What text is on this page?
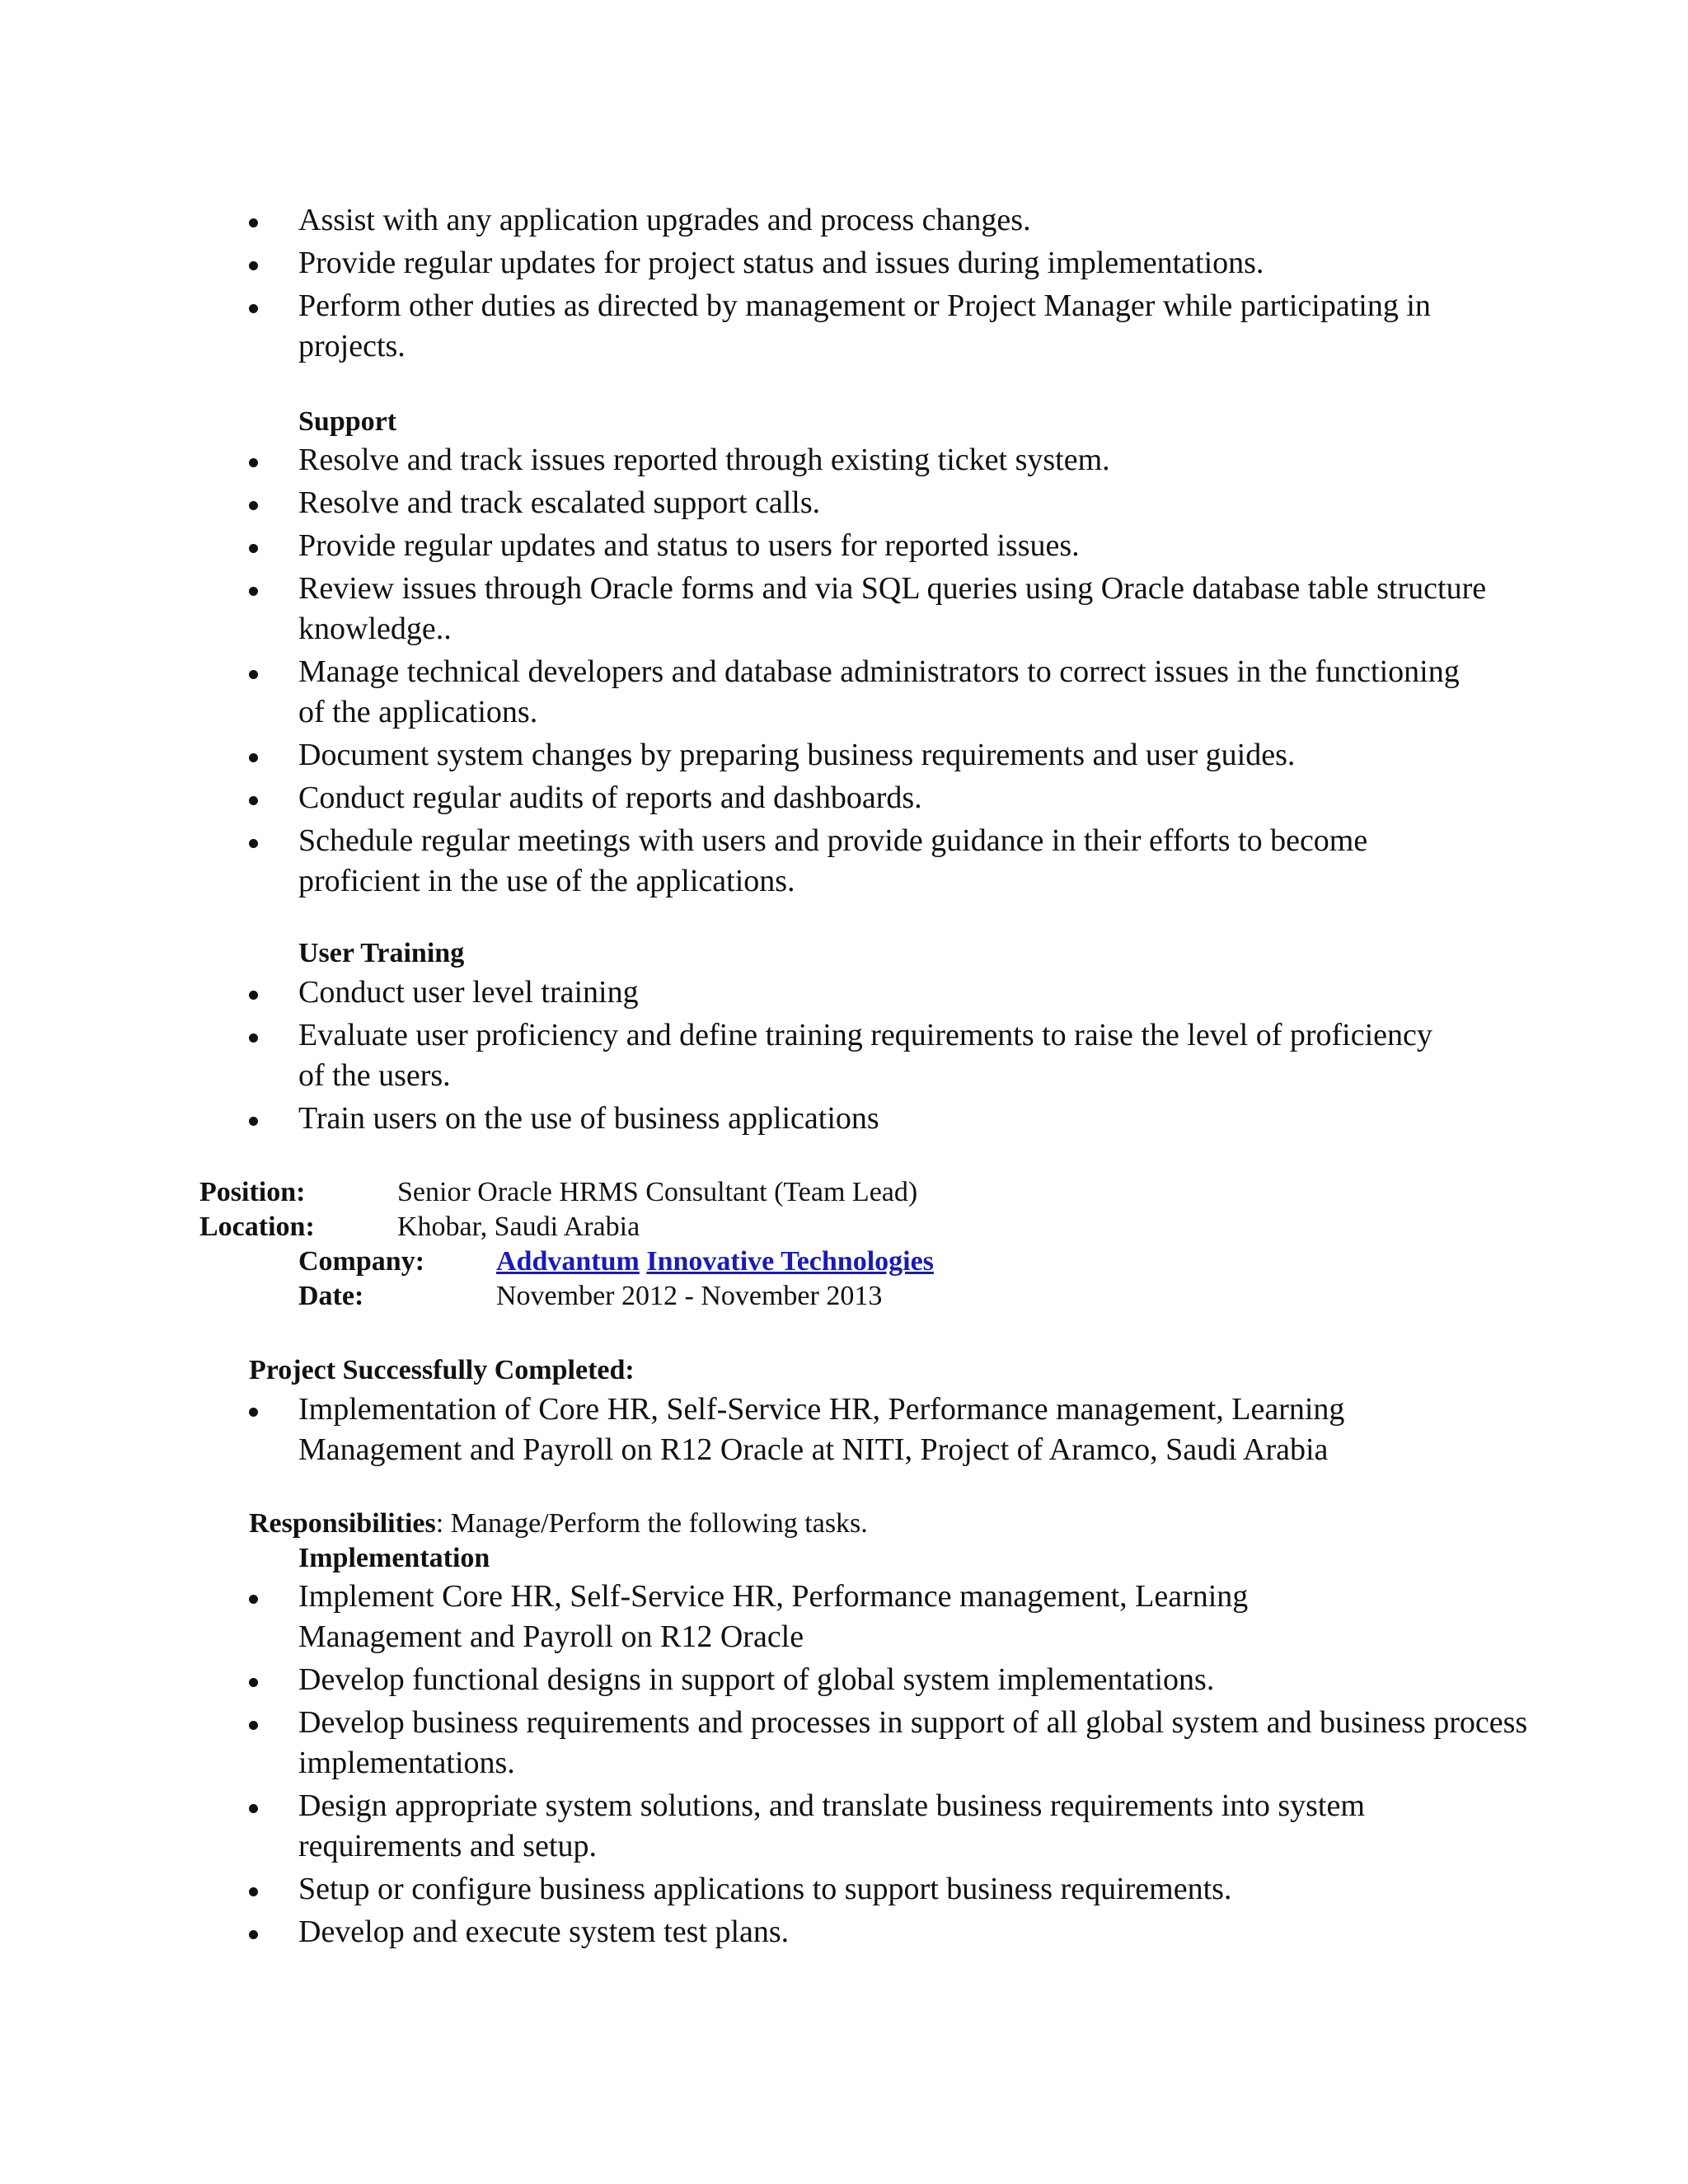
Assist with any application upgrades and process changes.
Provide regular updates for project status and issues during implementations.
Perform other duties as directed by management or Project Manager while participating in projects.
Support
Resolve and track issues reported through existing ticket system.
Resolve and track escalated support calls.
Provide regular updates and status to users for reported issues.
Review issues through Oracle forms and via SQL queries using Oracle database table structure knowledge..
Manage technical developers and database administrators to correct issues in the functioning of the applications.
Document system changes by preparing business requirements and user guides.
Conduct regular audits of reports and dashboards.
Schedule regular meetings with users and provide guidance in their efforts to become proficient in the use of the applications.
User Training
Conduct user level training
Evaluate user proficiency and define training requirements to raise the level of proficiency of the users.
Train users on the use of business applications
Position:	Senior Oracle HRMS Consultant (Team Lead)
Location:	Khobar, Saudi Arabia
Company:	Addvantum Innovative Technologies
Date:	November 2012 - November 2013
Project Successfully Completed:
Implementation of Core HR, Self-Service HR, Performance management, Learning Management and Payroll on R12 Oracle at NITI, Project of Aramco, Saudi Arabia
Responsibilities: Manage/Perform the following tasks.
Implementation
Implement Core HR, Self-Service HR, Performance management, Learning Management and Payroll on R12 Oracle
Develop functional designs in support of global system implementations.
Develop business requirements and processes in support of all global system and business process implementations.
Design appropriate system solutions, and translate business requirements into system requirements and setup.
Setup or configure business applications to support business requirements.
Develop and execute system test plans.
